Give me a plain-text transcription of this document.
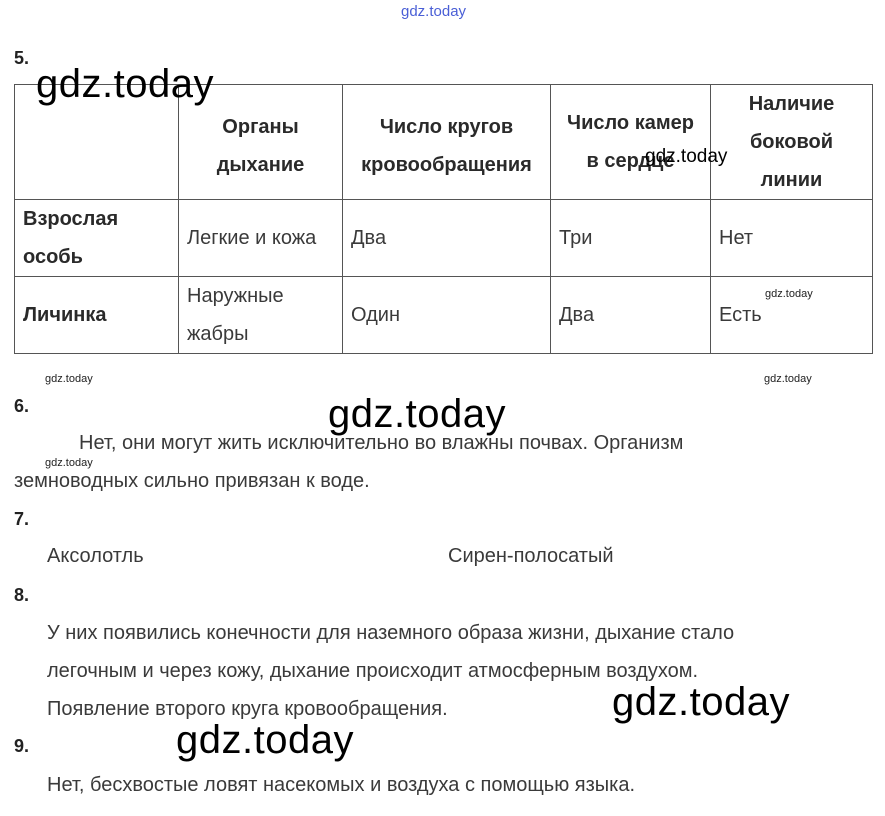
gdz.today
5.
	Органы дыхание	Число кругов кровообращения	Число камер в сердце	Наличие боковой линии
Взрослая особь	Легкие и кожа	Два	Три	Нет
Личинка	Наружные жабры	Один	Два	Есть
gdz.today
gdz.today
gdz.today
gdz.today	gdz.today
6.	gdz.today
Нет, они могут жить исключительно во влажны почвах. Организм
gdz.today
земноводных сильно привязан к воде.
7.
Аксолотль	Сирен-полосатый
8.
У них появились конечности для наземного образа жизни, дыхание стало
легочным и через кожу, дыхание происходит атмосферным воздухом.
Появление второго круга кровообращения.	gdz.today
9.	gdz.today
Нет, бесхвостые ловят насекомых и воздуха с помощью языка.
